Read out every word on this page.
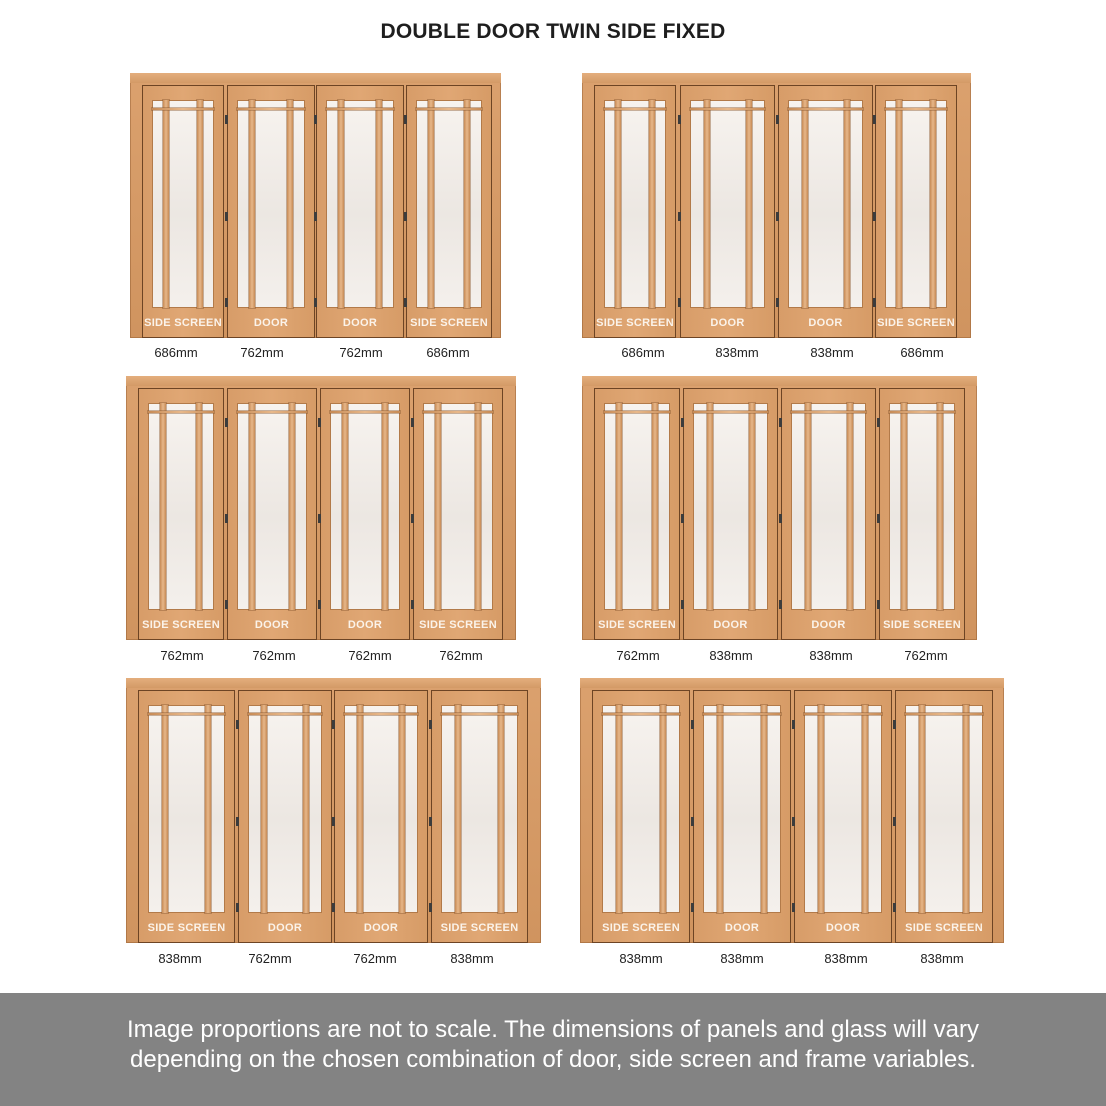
DOUBLE DOOR TWIN SIDE FIXED
SIDE SCREEN	DOOR	DOOR	SIDE SCREEN
686mm	762mm	762mm	686mm
SIDE SCREEN	DOOR	DOOR	SIDE SCREEN
686mm	838mm	838mm	686mm
SIDE SCREEN	DOOR	DOOR	SIDE SCREEN
762mm	762mm	762mm	762mm
SIDE SCREEN	DOOR	DOOR	SIDE SCREEN
762mm	838mm	838mm	762mm
SIDE SCREEN	DOOR	DOOR	SIDE SCREEN
838mm	762mm	762mm	838mm
SIDE SCREEN	DOOR	DOOR	SIDE SCREEN
838mm	838mm	838mm	838mm
Image proportions are not to scale. The dimensions of panels and glass will vary
depending on the chosen combination of door, side screen and frame variables.
